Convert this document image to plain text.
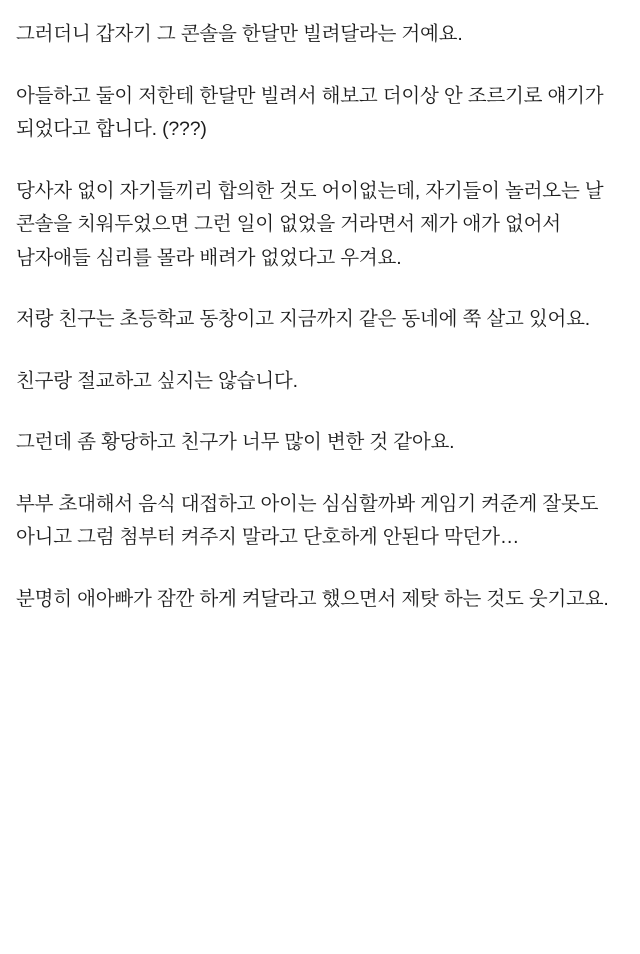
그러더니 갑자기 그 콘솔을 한달만 빌려달라는 거예요.

아들하고 둘이 저한테 한달만 빌려서 해보고 더이상 안 조르기로 얘기가 되었다고 합니다. (???)

당사자 없이 자기들끼리 합의한 것도 어이없는데, 자기들이 놀러오는 날 콘솔을 치워두었으면 그런 일이 없었을 거라면서 제가 애가 없어서 남자애들 심리를 몰라 배려가 없었다고 우겨요.

저랑 친구는 초등학교 동창이고 지금까지 같은 동네에 쭉 살고 있어요.

친구랑 절교하고 싶지는 않습니다.

그런데 좀 황당하고 친구가 너무 많이 변한 것 같아요.

부부 초대해서 음식 대접하고 아이는 심심할까봐 게임기 켜준게 잘못도 아니고 그럼 첨부터 켜주지 말라고 단호하게 안된다 막던가…

분명히 애아빠가 잠깐 하게 켜달라고 했으면서 제탓 하는 것도 웃기고요.
